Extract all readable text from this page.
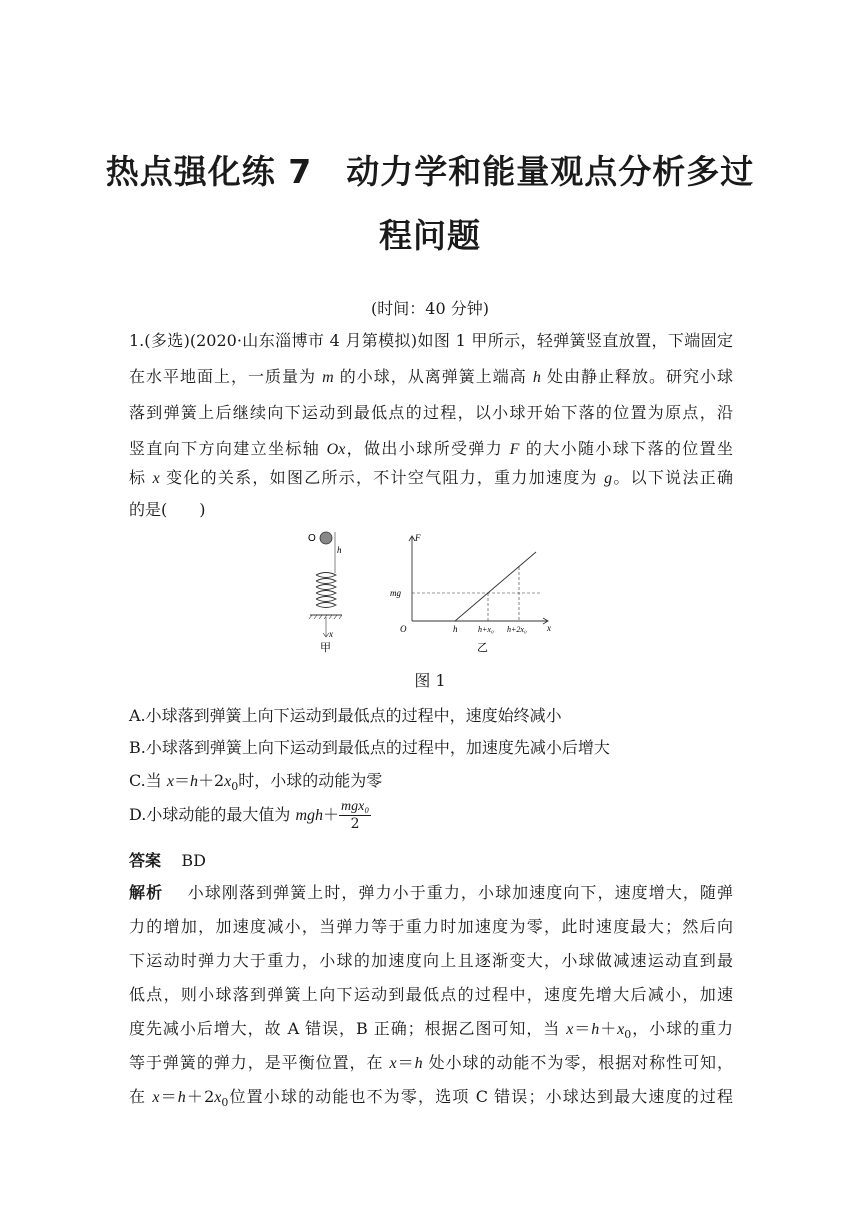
热点强化练 7　动力学和能量观点分析多过
程问题
(时间：40 分钟)
1.(多选)(2020·山东淄博市 4 月第模拟)如图 1 甲所示，轻弹簧竖直放置，下端固定
在水平地面上，一质量为 m 的小球，从离弹簧上端高 h 处由静止释放。研究小球
落到弹簧上后继续向下运动到最低点的过程，以小球开始下落的位置为原点，沿
竖直向下方向建立坐标轴 Ox，做出小球所受弹力 F 的大小随小球下落的位置坐
标 x 变化的关系，如图乙所示，不计空气阻力，重力加速度为 g。以下说法正确
的是(　　)
O
h
x
甲
F
x
O
mg
h	h+x₀ h+2x₀
乙
图 1
A.小球落到弹簧上向下运动到最低点的过程中，速度始终减小
B.小球落到弹簧上向下运动到最低点的过程中，加速度先减小后增大
C.当 $x=h+2x_0$时，小球的动能为零
D.小球动能的最大值为 $mgh+ \frac{\text{mgx₀}}{2}$
答案 BD
解析 小球刚落到弹簧上时，弹力小于重力，小球加速度向下，速度增大，随弹
力的增加，加速度减小，当弹力等于重力时加速度为零，此时速度最大；然后向
下运动时弹力大于重力，小球的加速度向上且逐渐变大，小球做减速运动直到最
低点，则小球落到弹簧上向下运动到最低点的过程中，速度先增大后减小，加速
度先减小后增大，故 A 错误，B 正确；根据乙图可知，当 $x=h+x_0$，小球的重力
等于弹簧的弹力，是平衡位置，在 x＝h 处小球的动能不为零，根据对称性可知，
在 $x=h+2x_0$位置小球的动能也不为零，选项 C 错误；小球达到最大速度的过程
